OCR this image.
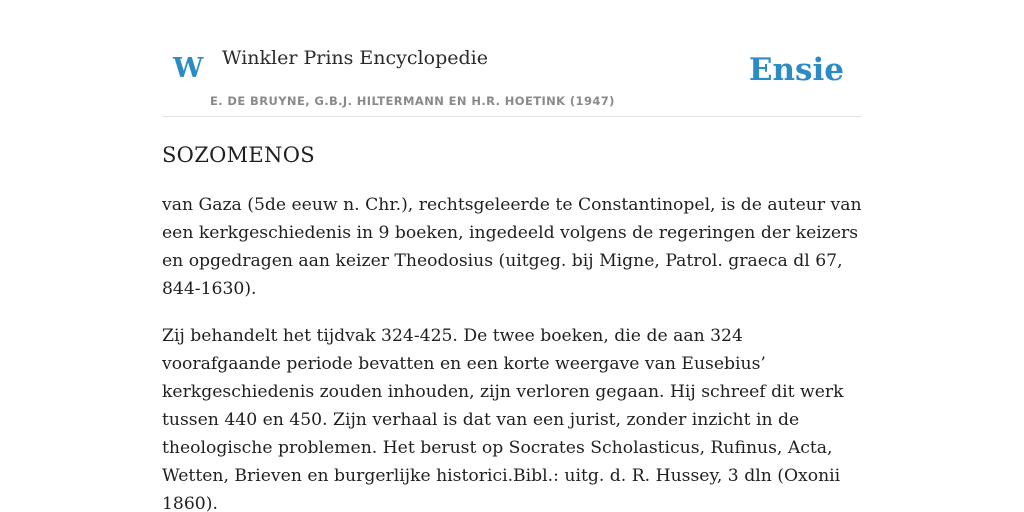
W Winkler Prins Encyclopedie
E. DE BRUYNE, G.B.J. HILTERMANN EN H.R. HOETINK (1947)
Ensie
SOZOMENOS

van Gaza (5de eeuw n. Chr.), rechtsgeleerde te Constantinopel, is de auteur van een kerkgeschiedenis in 9 boeken, ingedeeld volgens de regeringen der keizers en opgedragen aan keizer Theodosius (uitgeg. bij Migne, Patrol. graeca dl 67, 844-1630).

Zij behandelt het tijdvak 324-425. De twee boeken, die de aan 324 voorafgaande periode bevatten en een korte weergave van Eusebius’ kerkgeschiedenis zouden inhouden, zijn verloren gegaan. Hij schreef dit werk tussen 440 en 450. Zijn verhaal is dat van een jurist, zonder inzicht in de theologische problemen. Het berust op Socrates Scholasticus, Rufinus, Acta, Wetten, Brieven en burgerlijke historici.Bibl.: uitg. d. R. Hussey, 3 dln (Oxonii 1860).
